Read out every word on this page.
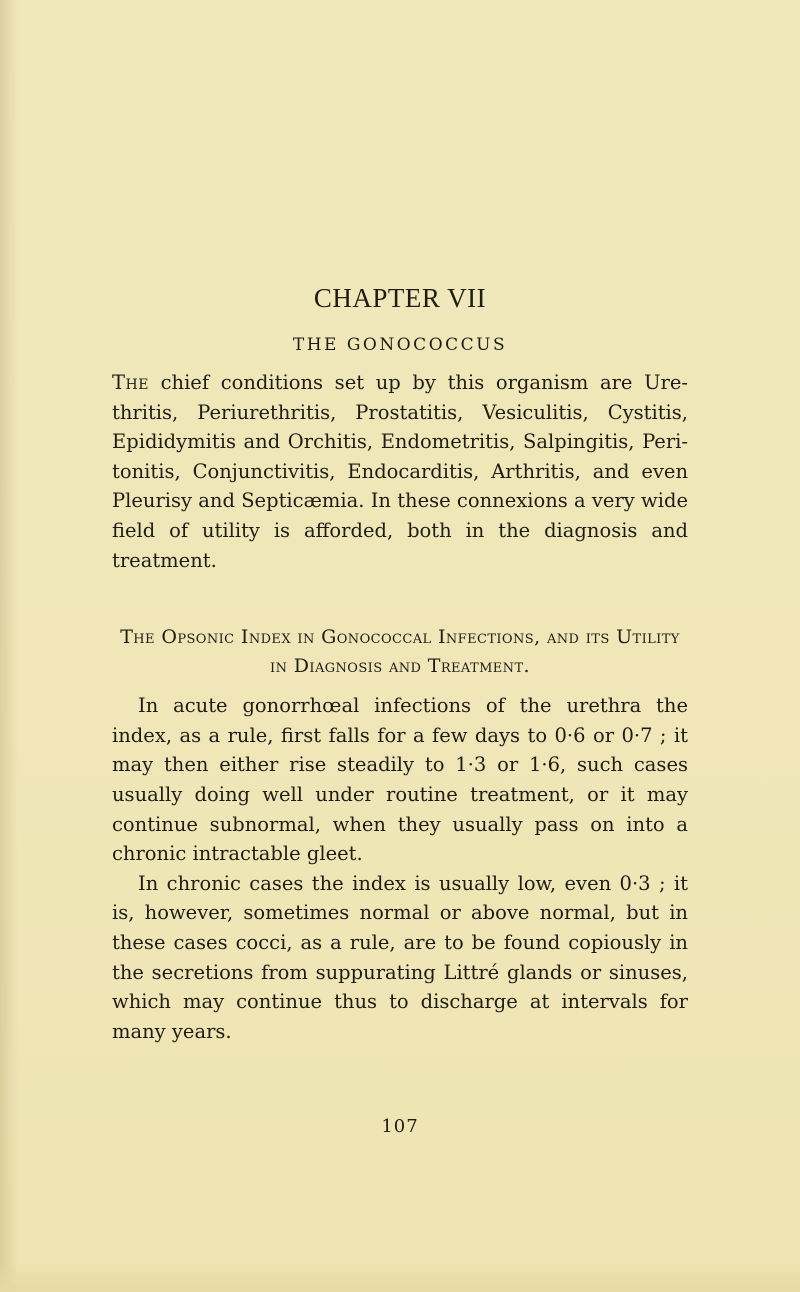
CHAPTER VII
THE GONOCOCCUS

The chief conditions set up by this organism are Ure-thritis, Periurethritis, Prostatitis, Vesiculitis, Cystitis, Epididymitis and Orchitis, Endometritis, Salpingitis, Peri-tonitis, Conjunctivitis, Endocarditis, Arthritis, and even Pleurisy and Septicæmia. In these connexions a very wide field of utility is afforded, both in the diagnosis and treatment.

The Opsonic Index in Gonococcal Infections, and its Utility in Diagnosis and Treatment.

In acute gonorrhœal infections of the urethra the index, as a rule, first falls for a few days to 0·6 or 0·7 ; it may then either rise steadily to 1·3 or 1·6, such cases usually doing well under routine treatment, or it may continue subnormal, when they usually pass on into a chronic intractable gleet.

In chronic cases the index is usually low, even 0·3 ; it is, however, sometimes normal or above normal, but in these cases cocci, as a rule, are to be found copiously in the secretions from suppurating Littré glands or sinuses, which may continue thus to discharge at intervals for many years.

107
